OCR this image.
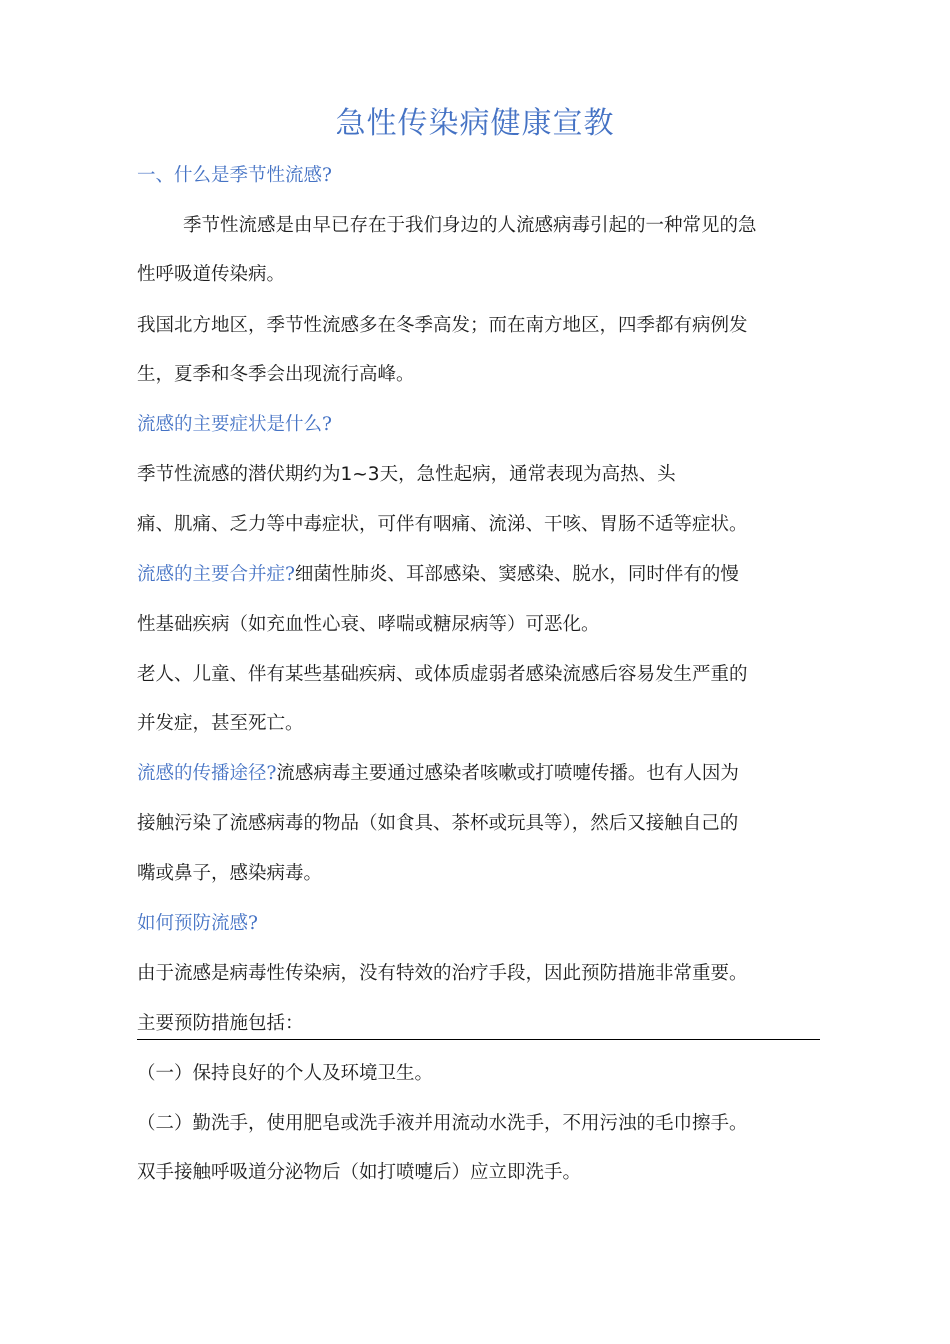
急性传染病健康宣教
一、什么是季节性流感?
季节性流感是由早已存在于我们身边的人流感病毒引起的一种常见的急
性呼吸道传染病。
我国北方地区，季节性流感多在冬季高发；而在南方地区，四季都有病例发
生，夏季和冬季会出现流行高峰。
流感的主要症状是什么?
季节性流感的潜伏期约为1~3天，急性起病，通常表现为高热、头
痛、肌痛、乏力等中毒症状，可伴有咽痛、流涕、干咳、胃肠不适等症状。
流感的主要合并症?细菌性肺炎、耳部感染、窦感染、脱水，同时伴有的慢
性基础疾病（如充血性心衰、哮喘或糖尿病等）可恶化。
老人、儿童、伴有某些基础疾病、或体质虚弱者感染流感后容易发生严重的
并发症，甚至死亡。
流感的传播途径?流感病毒主要通过感染者咳嗽或打喷嚏传播。也有人因为
接触污染了流感病毒的物品（如食具、茶杯或玩具等），然后又接触自己的
嘴或鼻子，感染病毒。
如何预防流感?
由于流感是病毒性传染病，没有特效的治疗手段，因此预防措施非常重要。
主要预防措施包括：
（一）保持良好的个人及环境卫生。
（二）勤洗手，使用肥皂或洗手液并用流动水洗手，不用污浊的毛巾擦手。
双手接触呼吸道分泌物后（如打喷嚏后）应立即洗手。
